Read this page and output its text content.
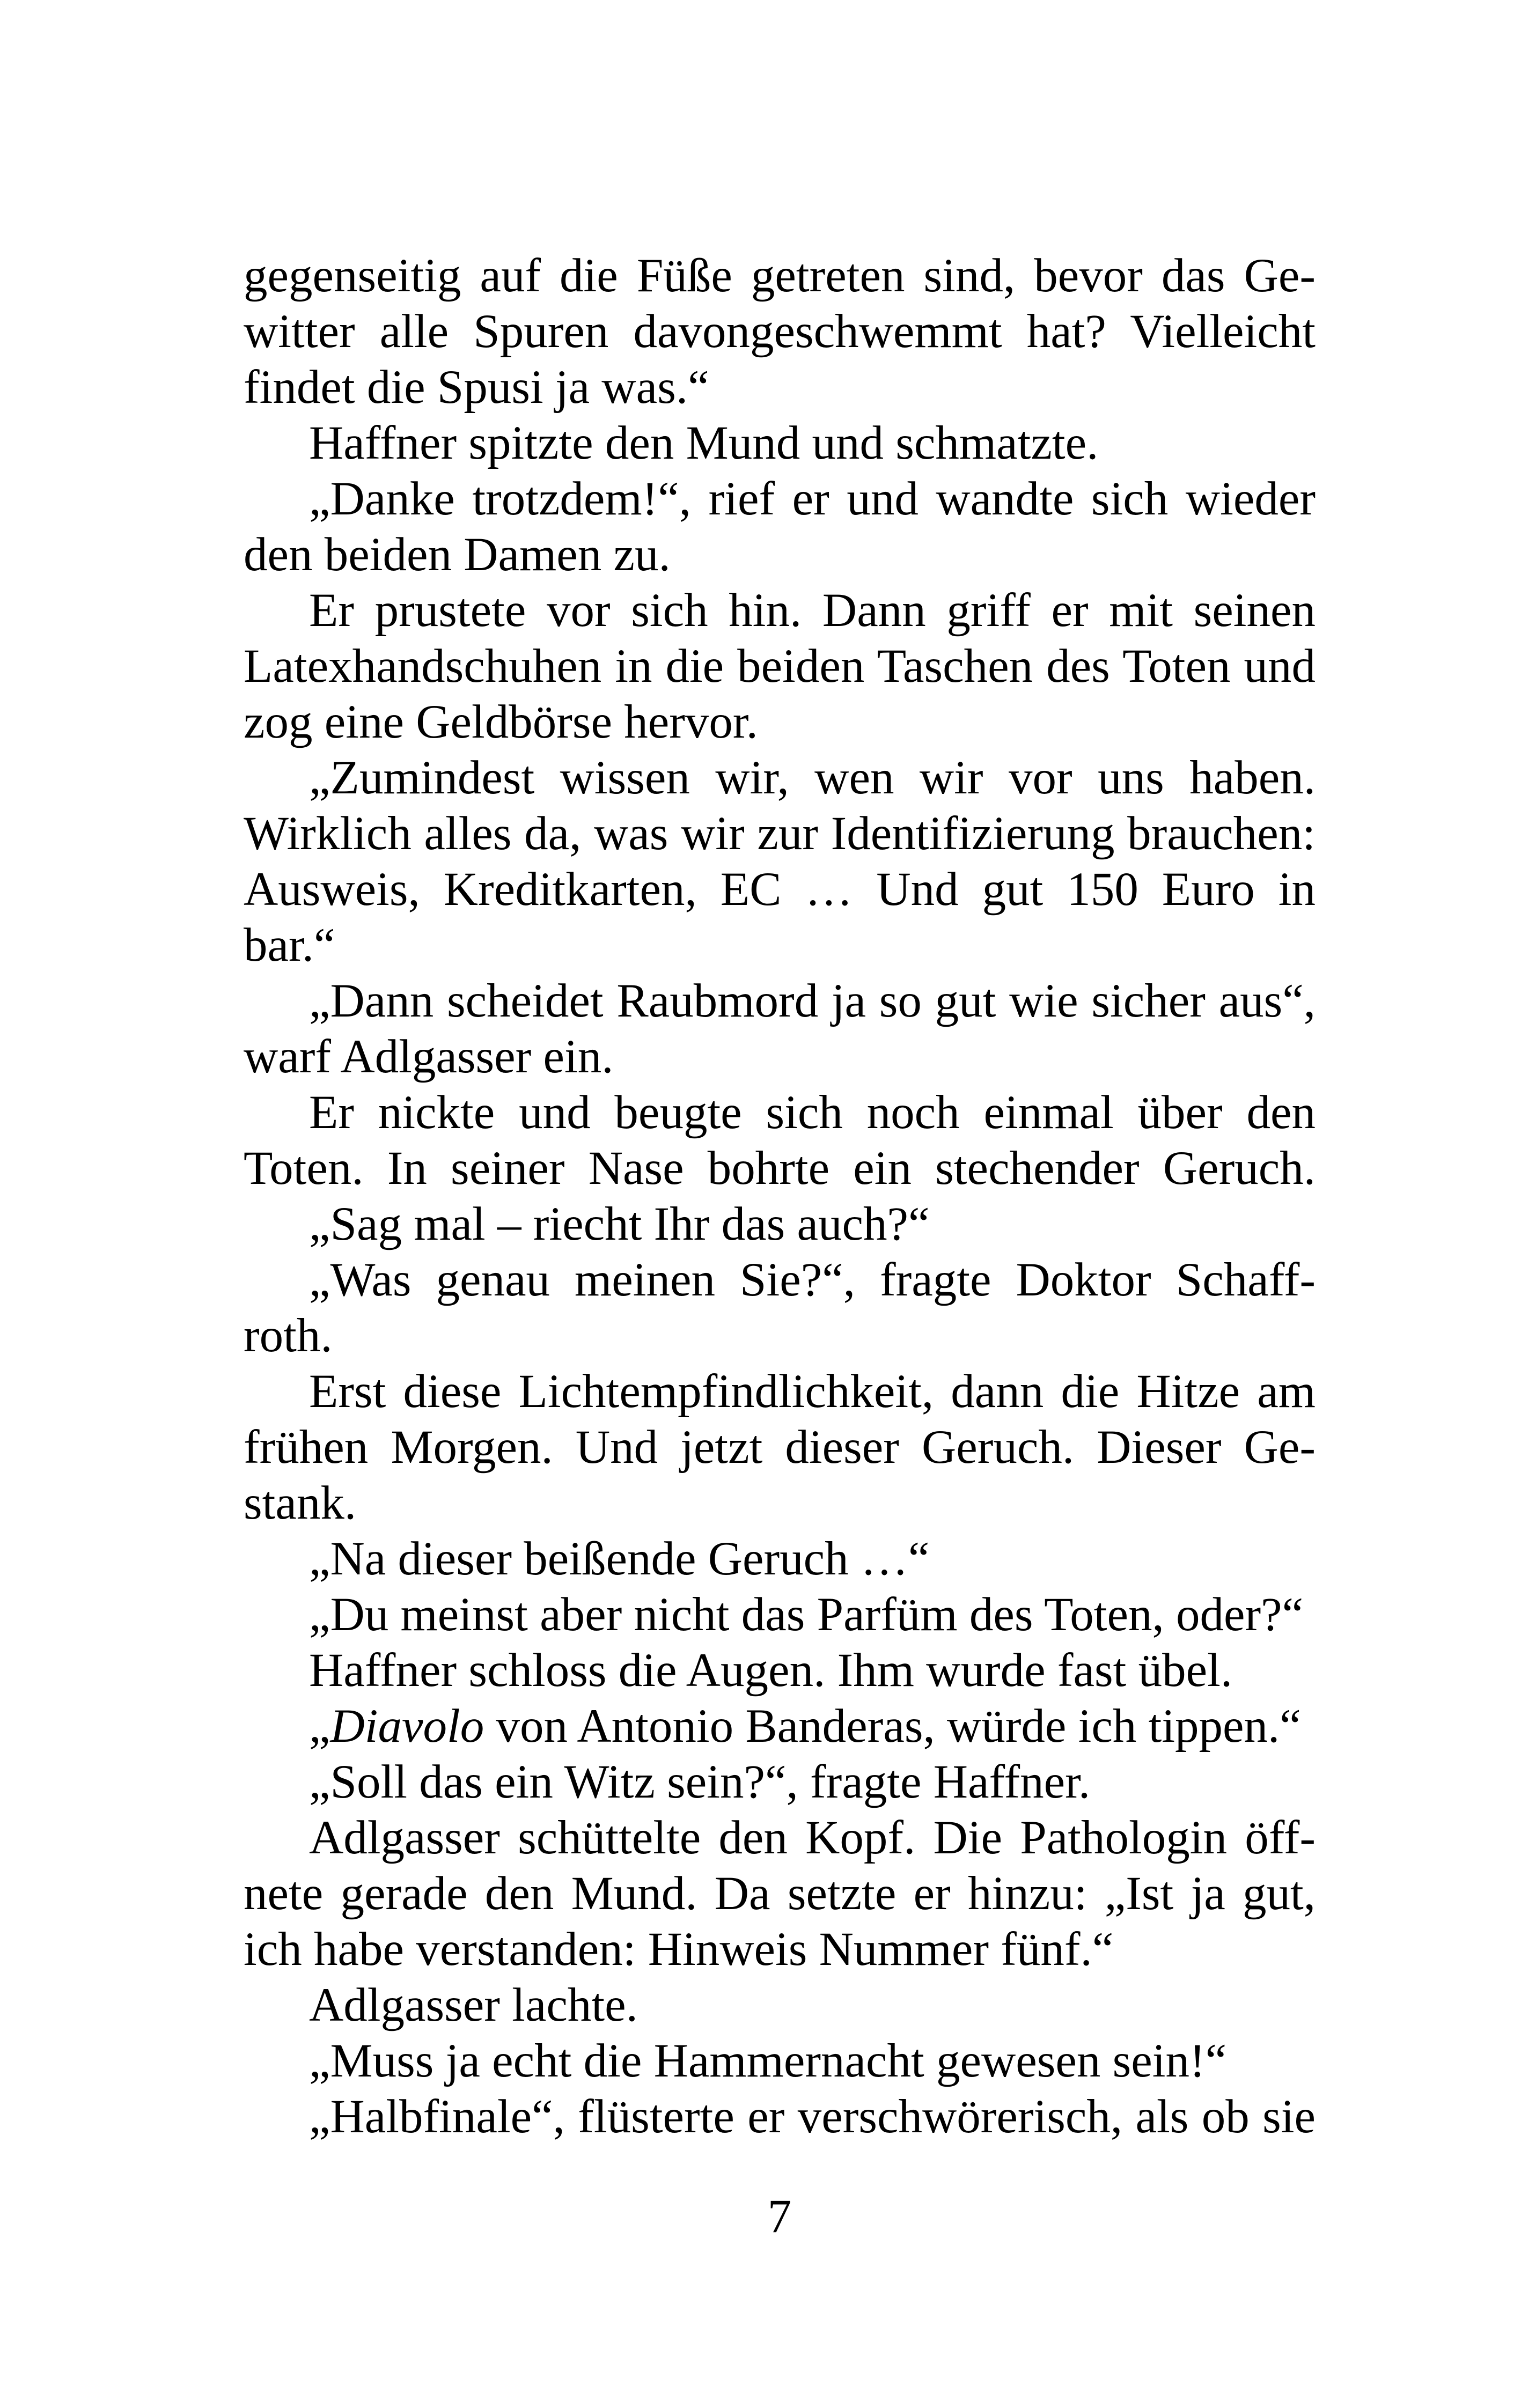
gegenseitig auf die Füße getreten sind, bevor das Ge-
witter alle Spuren davongeschwemmt hat? Vielleicht
findet die Spusi ja was.“
Haffner spitzte den Mund und schmatzte.
„Danke trotzdem!“, rief er und wandte sich wieder
den beiden Damen zu.
Er prustete vor sich hin. Dann griff er mit seinen
Latexhandschuhen in die beiden Taschen des Toten und
zog eine Geldbörse hervor.
„Zumindest wissen wir, wen wir vor uns haben.
Wirklich alles da, was wir zur Identifizierung brauchen:
Ausweis, Kreditkarten, EC … Und gut 150 Euro in
bar.“
„Dann scheidet Raubmord ja so gut wie sicher aus“,
warf Adlgasser ein.
Er nickte und beugte sich noch einmal über den
Toten. In seiner Nase bohrte ein stechender Geruch.
„Sag mal – riecht Ihr das auch?“
„Was genau meinen Sie?“, fragte Doktor Schaff-
roth.
Erst diese Lichtempfindlichkeit, dann die Hitze am
frühen Morgen. Und jetzt dieser Geruch. Dieser Ge-
stank.
„Na dieser beißende Geruch …“
„Du meinst aber nicht das Parfüm des Toten, oder?“
Haffner schloss die Augen. Ihm wurde fast übel.
„Diavolo von Antonio Banderas, würde ich tippen.“
„Soll das ein Witz sein?“, fragte Haffner.
Adlgasser schüttelte den Kopf. Die Pathologin öff-
nete gerade den Mund. Da setzte er hinzu: „Ist ja gut,
ich habe verstanden: Hinweis Nummer fünf.“
Adlgasser lachte.
„Muss ja echt die Hammernacht gewesen sein!“
„Halbfinale“, flüsterte er verschwörerisch, als ob sie
7
